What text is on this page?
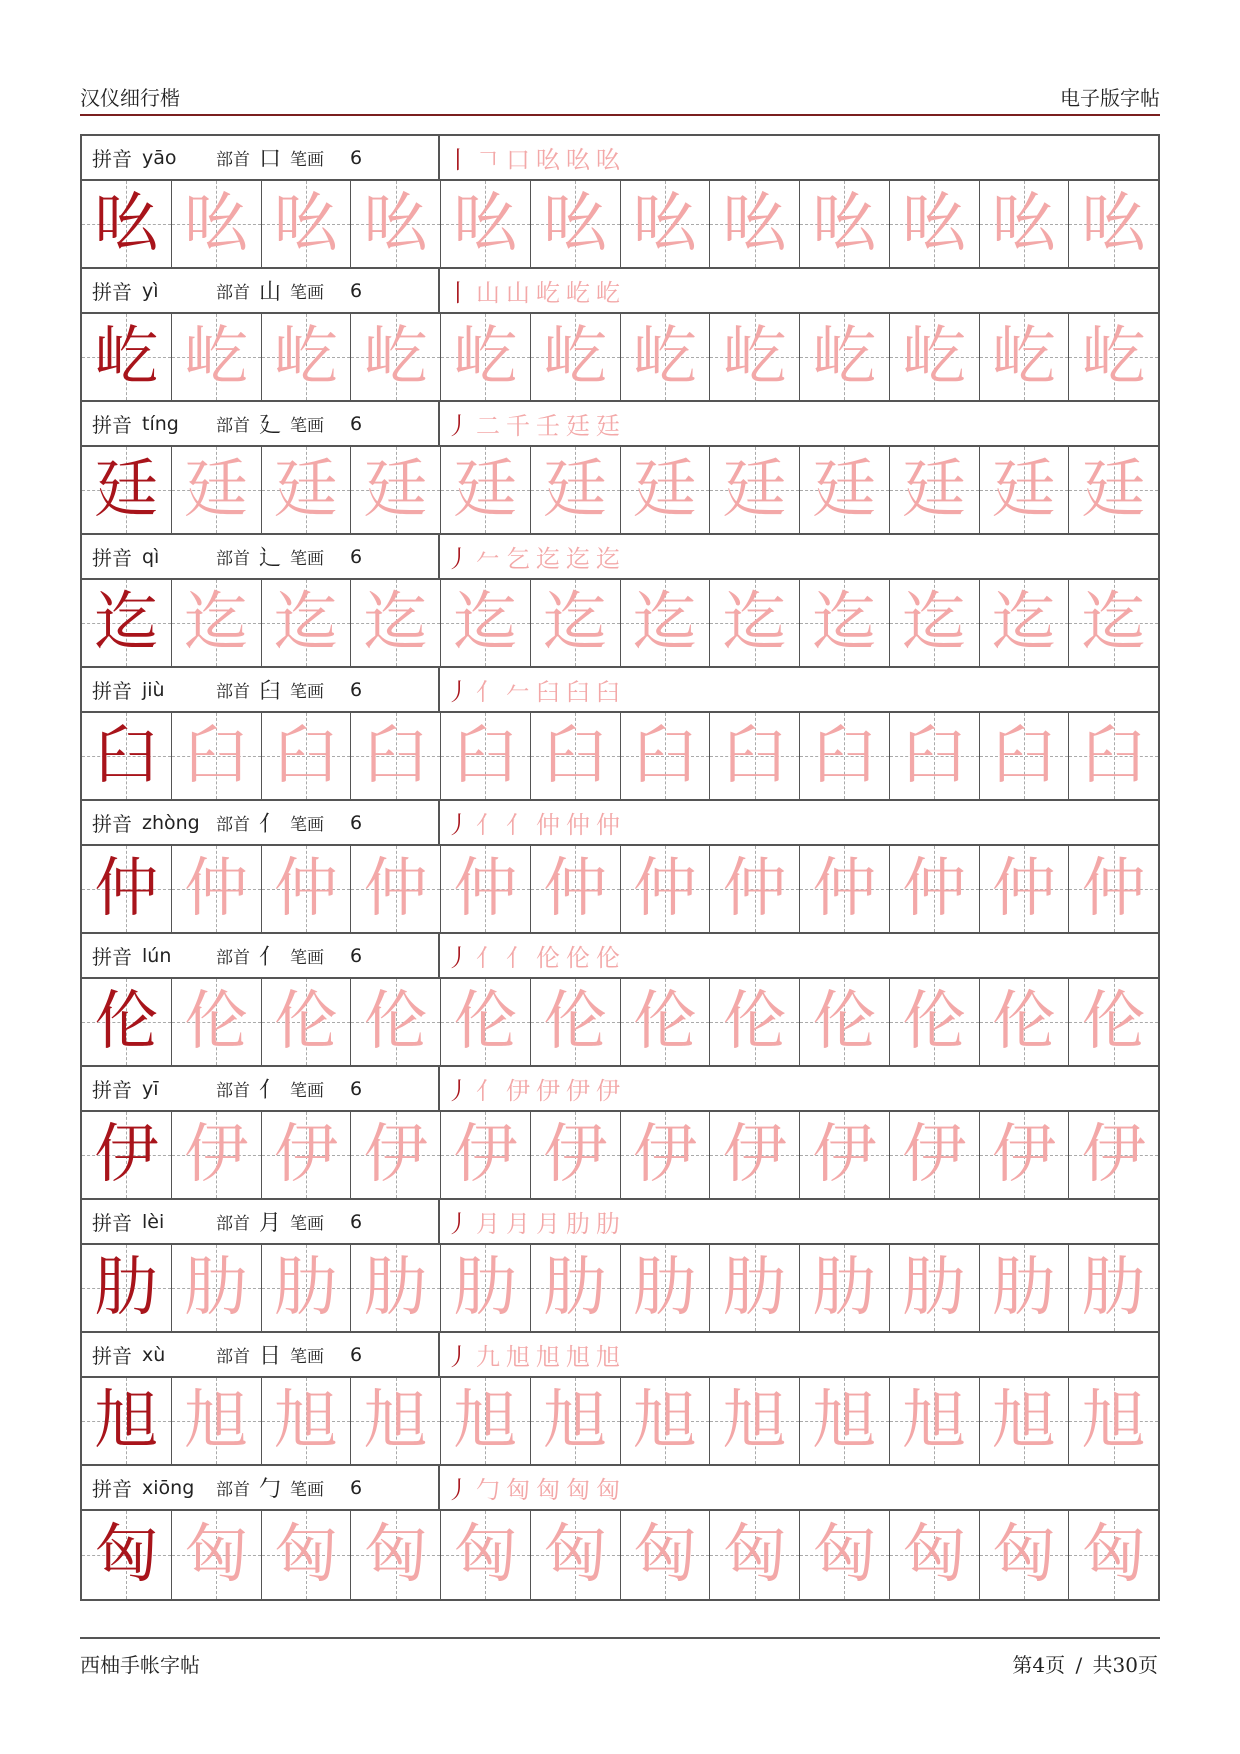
汉仪细行楷	电子版字帖
拼音 yāo	部首 口 笔画 6	丨 𠃍 口 吆 吆 吆
吆 吆 吆 吆 吆 吆 吆 吆 吆 吆 吆 吆
拼音 yì	部首 山 笔画 6	丨 山 山 屹 屹 屹
屹 屹 屹 屹 屹 屹 屹 屹 屹 屹 屹 屹
拼音 tíng	部首 廴 笔画 6	丿 二 千 壬 廷 廷
廷 廷 廷 廷 廷 廷 廷 廷 廷 廷 廷 廷
拼音 qì	部首 辶 笔画 6	丿 𠂉 乞 迄 迄 迄
迄 迄 迄 迄 迄 迄 迄 迄 迄 迄 迄 迄
拼音 jiù	部首 臼 笔画 6	丿 亻 𠂉 臼 臼 臼
臼 臼 臼 臼 臼 臼 臼 臼 臼 臼 臼 臼
拼音 zhòng 部首 亻 笔画 6	丿 亻 亻 仲 仲 仲
仲 仲 仲 仲 仲 仲 仲 仲 仲 仲 仲 仲
拼音 lún	部首 亻 笔画 6	丿 亻 亻 伦 伦 伦
伦 伦 伦 伦 伦 伦 伦 伦 伦 伦 伦 伦
拼音 yī	部首 亻 笔画 6	丿 亻 伊 伊 伊 伊
伊 伊 伊 伊 伊 伊 伊 伊 伊 伊 伊 伊
拼音 lèi	部首 月 笔画 6	丿 月 月 月 肋 肋
肋 肋 肋 肋 肋 肋 肋 肋 肋 肋 肋 肋
拼音 xù	部首 日 笔画 6	丿 九 旭 旭 旭 旭
旭 旭 旭 旭 旭 旭 旭 旭 旭 旭 旭 旭
拼音 xiōng	部首 勹 笔画 6	丿 勹 匈 匈 匈 匈
匈 匈 匈 匈 匈 匈 匈 匈 匈 匈 匈 匈
西柚手帐字帖	第4页 / 共30页
